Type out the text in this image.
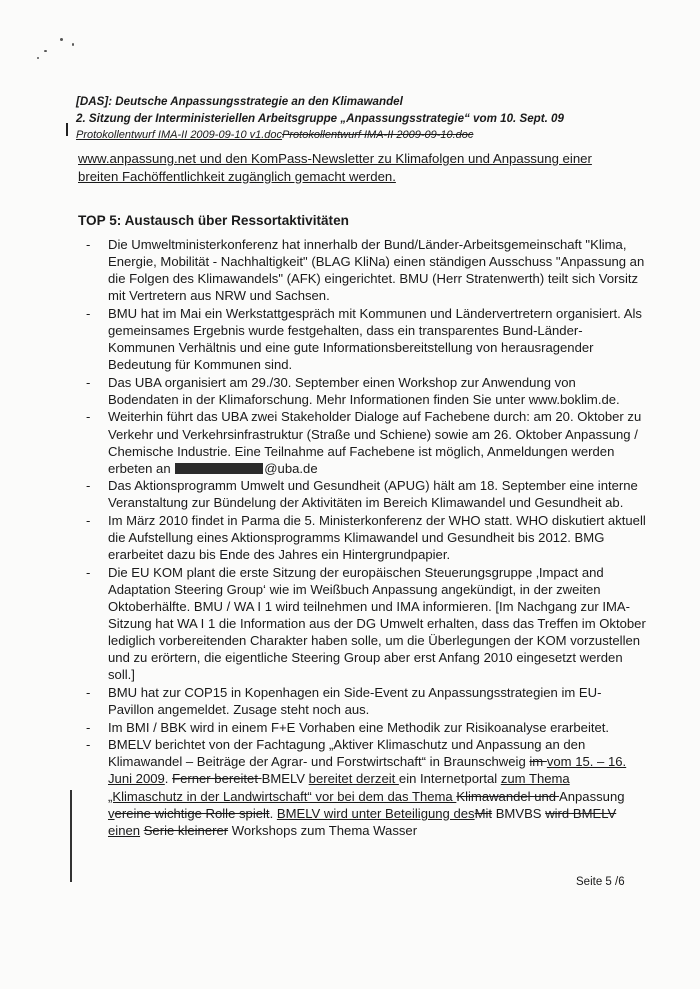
[DAS]: Deutsche Anpassungsstrategie an den Klimawandel
2. Sitzung der Interministeriellen Arbeitsgruppe „Anpassungsstrategie“ vom 10. Sept. 09
Protokollentwurf IMA-II 2009-09-10 v1.docProtokollentwurf IMA-II 2009-09-10.doc
www.anpassung.net und den KomPass-Newsletter zu Klimafolgen und Anpassung einer
breiten Fachöffentlichkeit zugänglich gemacht werden.
TOP 5: Austausch über Ressortaktivitäten
- Die Umweltministerkonferenz hat innerhalb der Bund/Länder-Arbeitsgemeinschaft "Klima, Energie, Mobilität - Nachhaltigkeit" (BLAG KliNa) einen ständigen Ausschuss "Anpassung an die Folgen des Klimawandels" (AFK) eingerichtet. BMU (Herr Stratenwerth) teilt sich Vorsitz mit Vertretern aus NRW und Sachsen.
- BMU hat im Mai ein Werkstattgespräch mit Kommunen und Ländervertretern organisiert. Als gemeinsames Ergebnis wurde festgehalten, dass ein transparentes Bund-Länder-Kommunen Verhältnis und eine gute Informationsbereitstellung von herausragender Bedeutung für Kommunen sind.
- Das UBA organisiert am 29./30. September einen Workshop zur Anwendung von Bodendaten in der Klimaforschung. Mehr Informationen finden Sie unter www.boklim.de.
- Weiterhin führt das UBA zwei Stakeholder Dialoge auf Fachebene durch: am 20. Oktober zu Verkehr und Verkehrsinfrastruktur (Straße und Schiene) sowie am 26. Oktober Anpassung / Chemische Industrie. Eine Teilnahme auf Fachebene ist möglich, Anmeldungen werden erbeten an	@uba.de
- Das Aktionsprogramm Umwelt und Gesundheit (APUG) hält am 18. September eine interne Veranstaltung zur Bündelung der Aktivitäten im Bereich Klimawandel und Gesundheit ab.
- Im März 2010 findet in Parma die 5. Ministerkonferenz der WHO statt. WHO diskutiert aktuell die Aufstellung eines Aktionsprogramms Klimawandel und Gesundheit bis 2012. BMG erarbeitet dazu bis Ende des Jahres ein Hintergrundpapier.
- Die EU KOM plant die erste Sitzung der europäischen Steuerungsgruppe ‚Impact and Adaptation Steering Group‘ wie im Weißbuch Anpassung angekündigt, in der zweiten Oktoberhälfte. BMU / WA I 1 wird teilnehmen und IMA informieren. [Im Nachgang zur IMA-Sitzung hat WA I 1 die Information aus der DG Umwelt erhalten, dass das Treffen im Oktober lediglich vorbereitenden Charakter haben solle, um die Überlegungen der KOM vorzustellen und zu erörtern, die eigentliche Steering Group aber erst Anfang 2010 eingesetzt werden soll.]
- BMU hat zur COP15 in Kopenhagen ein Side-Event zu Anpassungsstrategien im EU-Pavillon angemeldet. Zusage steht noch aus.
- Im BMI / BBK wird in einem F+E Vorhaben eine Methodik zur Risikoanalyse erarbeitet.
- BMELV berichtet von der Fachtagung „Aktiver Klimaschutz und Anpassung an den Klimawandel – Beiträge der Agrar- und Forstwirtschaft“ in Braunschweig im vom 15. – 16. Juni 2009. Ferner bereitet BMELV bereitet derzeit ein Internetportal zum Thema „Klimaschutz in der Landwirtschaft“ vor bei dem das Thema Klimawandel und Anpassung vereine wichtige Rolle spielt. BMELV wird unter Beteiligung desMit BMVBS wird BMELV einen Serie kleinerer Workshops zum Thema Wasser
Seite 5 /6
